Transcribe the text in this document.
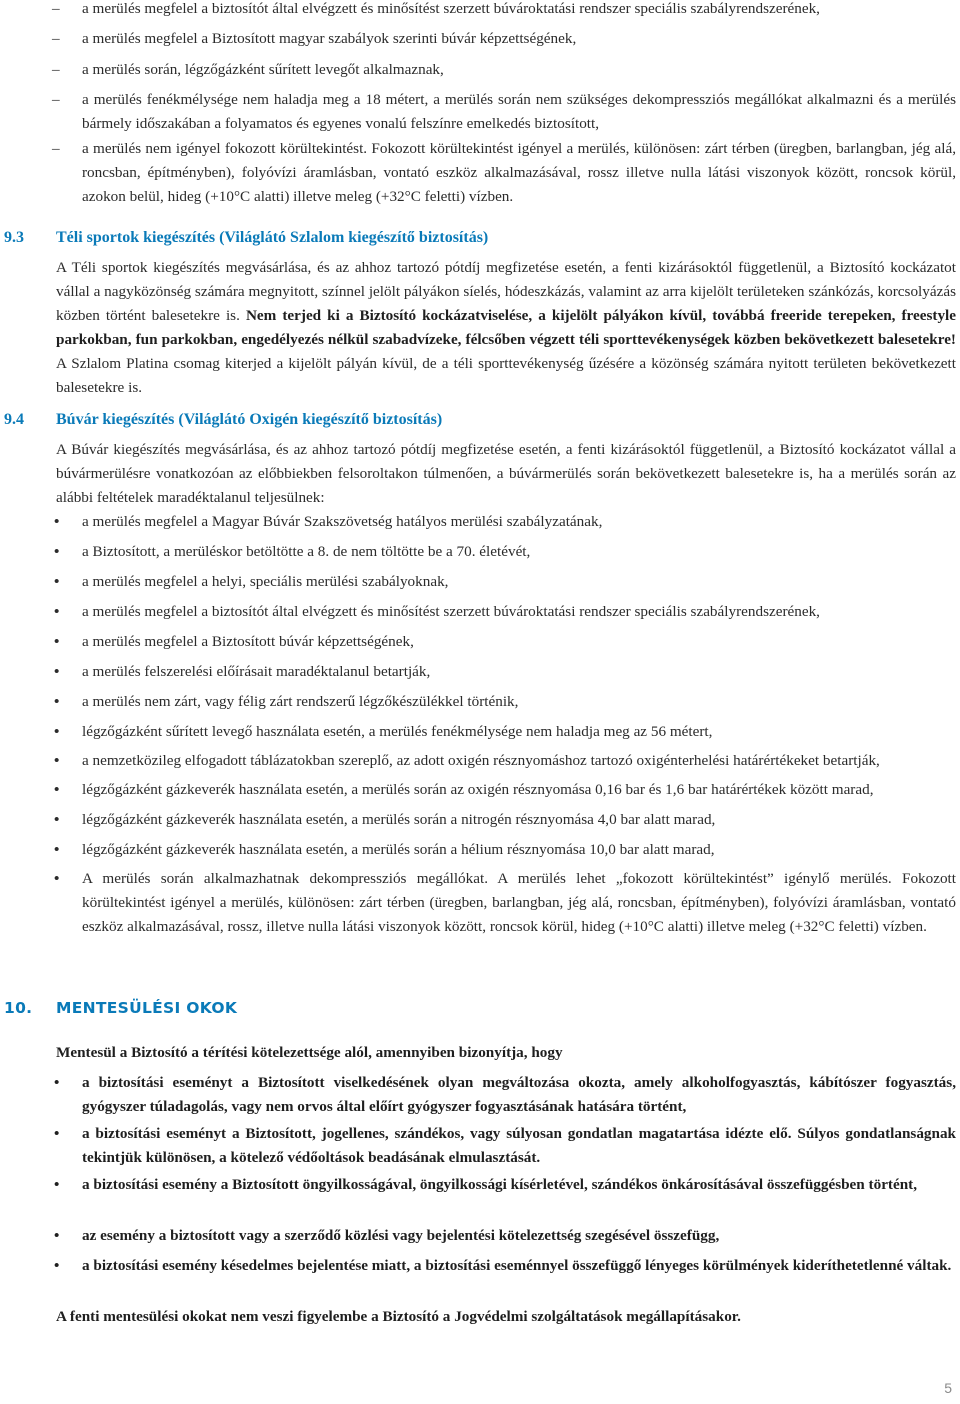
– a merülés megfelel a biztosítót által elvégzett és minősítést szerzett búvároktatási rendszer speciális szabályrendszerének,
– a merülés megfelel a Biztosított magyar szabályok szerinti búvár képzettségének,
– a merülés során, légzőgázként sűrített levegőt alkalmaznak,
– a merülés fenékmélysége nem haladja meg a 18 métert, a merülés során nem szükséges dekompressziós megállókat alkalmazni és a merülés bármely időszakában a folyamatos és egyenes vonalú felszínre emelkedés biztosított,
– a merülés nem igényel fokozott körültekintést. Fokozott körültekintést igényel a merülés, különösen: zárt térben (üregben, barlangban, jég alá, roncsban, építményben), folyóvízi áramlásban, vontató eszköz alkalmazásával, rossz illetve nulla látási viszonyok között, roncsok körül, azokon belül, hideg (+10°C alatti) illetve meleg (+32°C feletti) vízben.
9.3 Téli sportok kiegészítés (Világlátó Szlalom kiegészítő biztosítás)
A Téli sportok kiegészítés megvásárlása, és az ahhoz tartozó pótdíj megfizetése esetén, a fenti kizárásoktól függetlenül, a Biztosító kockázatot vállal a nagyközönség számára megnyitott, színnel jelölt pályákon síelés, hódeszkázás, valamint az arra kijelölt területeken szánkózás, korcsolyázás közben történt balesetekre is. Nem terjed ki a Biztosító kockázatviselése, a kijelölt pályákon kívül, továbbá freeride terepeken, freestyle parkokban, fun parkokban, engedélyezés nélkül szabadvízeke, félcsőben végzett téli sporttevékenységek közben bekövetkezett balesetekre! A Szlalom Platina csomag kiterjed a kijelölt pályán kívül, de a téli sporttevékenység űzésére a közönség számára nyitott területen bekövetkezett balesetekre is.
9.4 Búvár kiegészítés (Világlátó Oxigén kiegészítő biztosítás)
A Búvár kiegészítés megvásárlása, és az ahhoz tartozó pótdíj megfizetése esetén, a fenti kizárásoktól függetlenül, a Biztosító kockázatot vállal a búvármerülésre vonatkozóan az előbbiekben felsoroltakon túlmenően, a búvármerülés során bekövetkezett balesetekre is, ha a merülés során az alábbi feltételek maradéktalanul teljesülnek:
• a merülés megfelel a Magyar Búvár Szakszövetség hatályos merülési szabályzatának,
• a Biztosított, a merüléskor betöltötte a 8. de nem töltötte be a 70. életévét,
• a merülés megfelel a helyi, speciális merülési szabályoknak,
• a merülés megfelel a biztosítót által elvégzett és minősítést szerzett búvároktatási rendszer speciális szabályrendszerének,
• a merülés megfelel a Biztosított búvár képzettségének,
• a merülés felszerelési előírásait maradéktalanul betartják,
• a merülés nem zárt, vagy félig zárt rendszerű légzőkészülékkel történik,
• légzőgázként sűrített levegő használata esetén, a merülés fenékmélysége nem haladja meg az 56 métert,
• a nemzetközileg elfogadott táblázatokban szereplő, az adott oxigén résznyomáshoz tartozó oxigénterhelési határértékeket betartják,
• légzőgázként gázkeverék használata esetén, a merülés során az oxigén résznyomása 0,16 bar és 1,6 bar határértékek között marad,
• légzőgázként gázkeverék használata esetén, a merülés során a nitrogén résznyomása 4,0 bar alatt marad,
• légzőgázként gázkeverék használata esetén, a merülés során a hélium résznyomása 10,0 bar alatt marad,
• A merülés során alkalmazhatnak dekompressziós megállókat. A merülés lehet „fokozott körültekintést” igénylő merülés. Fokozott körültekintést igényel a merülés, különösen: zárt térben (üregben, barlangban, jég alá, roncsban, építményben), folyóvízi áramlásban, vontató eszköz alkalmazásával, rossz, illetve nulla látási viszonyok között, roncsok körül, hideg (+10°C alatti) illetve meleg (+32°C feletti) vízben.
10. MENTESÜLÉSI OKOK
Mentesül a Biztosító a térítési kötelezettsége alól, amennyiben bizonyítja, hogy
• a biztosítási eseményt a Biztosított viselkedésének olyan megváltozása okozta, amely alkoholfogyasztás, kábítószer fogyasztás, gyógyszer túladagolás, vagy nem orvos által előírt gyógyszer fogyasztásának hatására történt,
• a biztosítási eseményt a Biztosított, jogellenes, szándékos, vagy súlyosan gondatlan magatartása idézte elő. Súlyos gondatlanságnak tekintjük különösen, a kötelező védőoltások beadásának elmulasztását.
• a biztosítási esemény a Biztosított öngyilkosságával, öngyilkossági kísérletével, szándékos önkárosításával összefüggésben történt,
• az esemény a biztosított vagy a szerződő közlési vagy bejelentési kötelezettség szegésével összefügg,
• a biztosítási esemény késedelmes bejelentése miatt, a biztosítási eseménnyel összefüggő lényeges körülmények kideríthetetlenné váltak.
A fenti mentesülési okokat nem veszi figyelembe a Biztosító a Jogvédelmi szolgáltatások megállapításakor.
5
